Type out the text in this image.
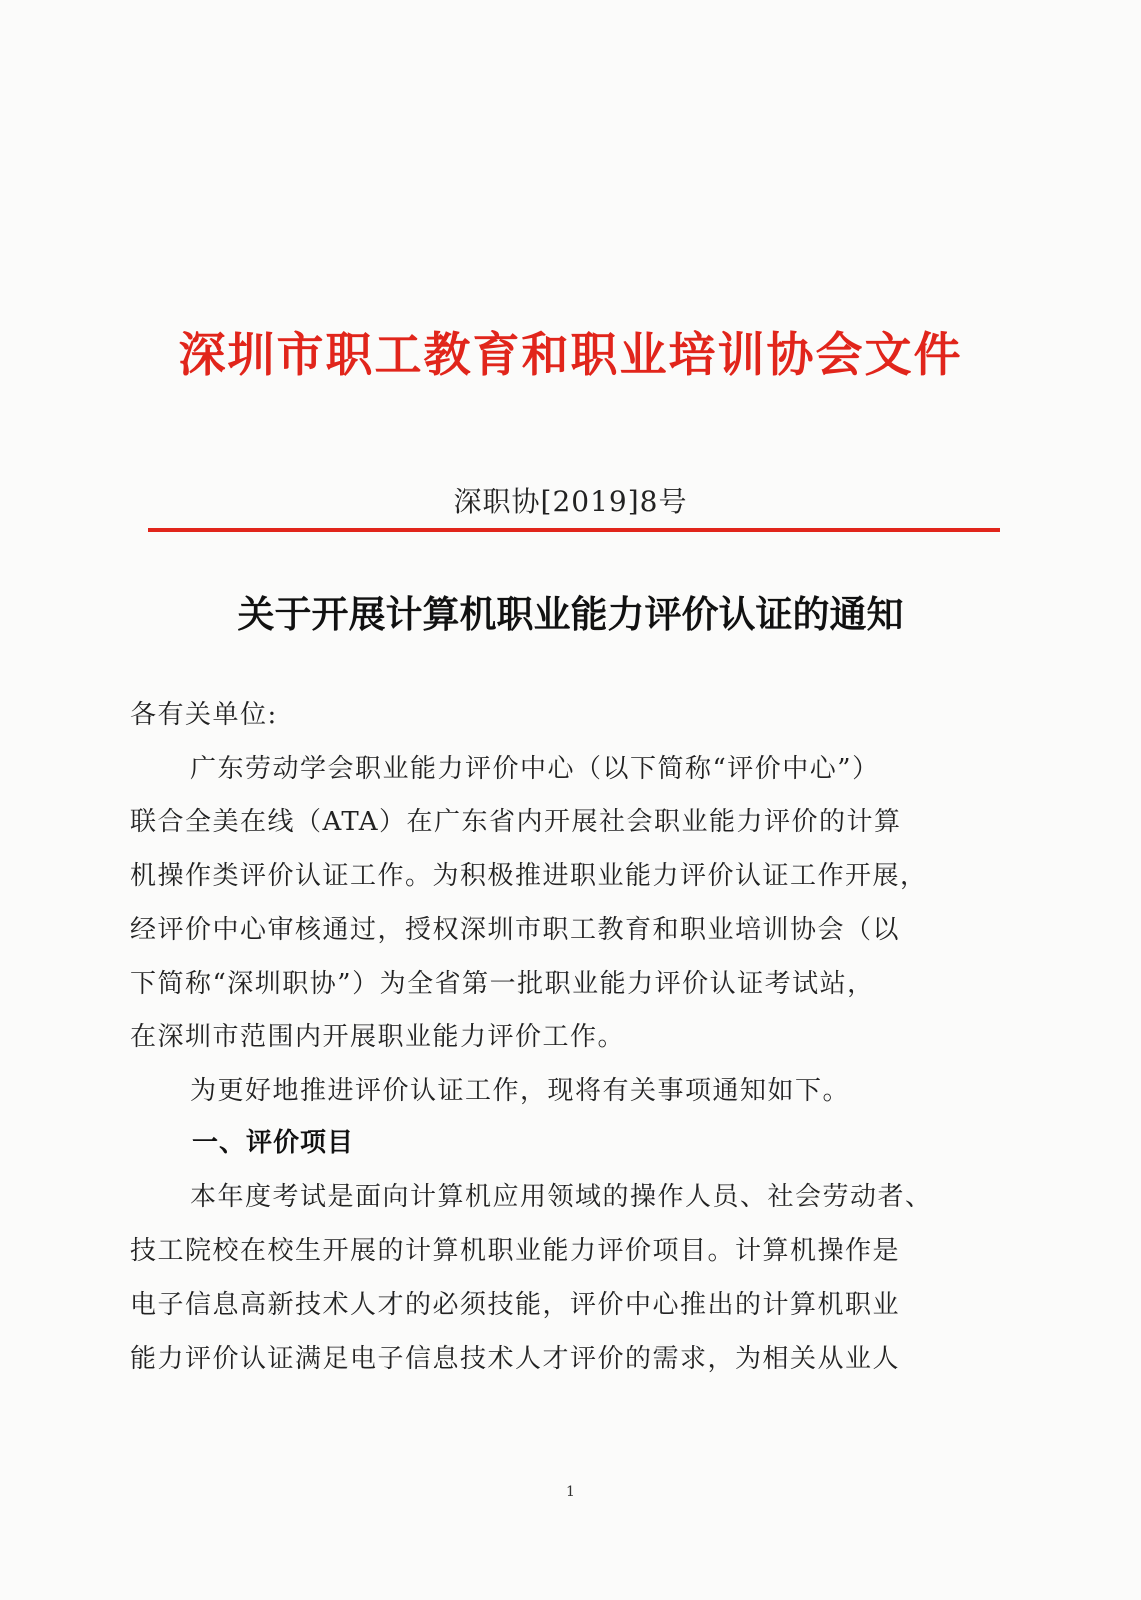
深圳市职工教育和职业培训协会文件
深职协[2019]8号
关于开展计算机职业能力评价认证的通知
各有关单位:
广东劳动学会职业能力评价中心（以下简称“评价中心”）
联合全美在线（ATA）在广东省内开展社会职业能力评价的计算
机操作类评价认证工作。为积极推进职业能力评价认证工作开展，
经评价中心审核通过，授权深圳市职工教育和职业培训协会（以
下简称“深圳职协”）为全省第一批职业能力评价认证考试站，
在深圳市范围内开展职业能力评价工作。
为更好地推进评价认证工作，现将有关事项通知如下。
一、评价项目
本年度考试是面向计算机应用领域的操作人员、社会劳动者、
技工院校在校生开展的计算机职业能力评价项目。计算机操作是
电子信息高新技术人才的必须技能，评价中心推出的计算机职业
能力评价认证满足电子信息技术人才评价的需求，为相关从业人
1
